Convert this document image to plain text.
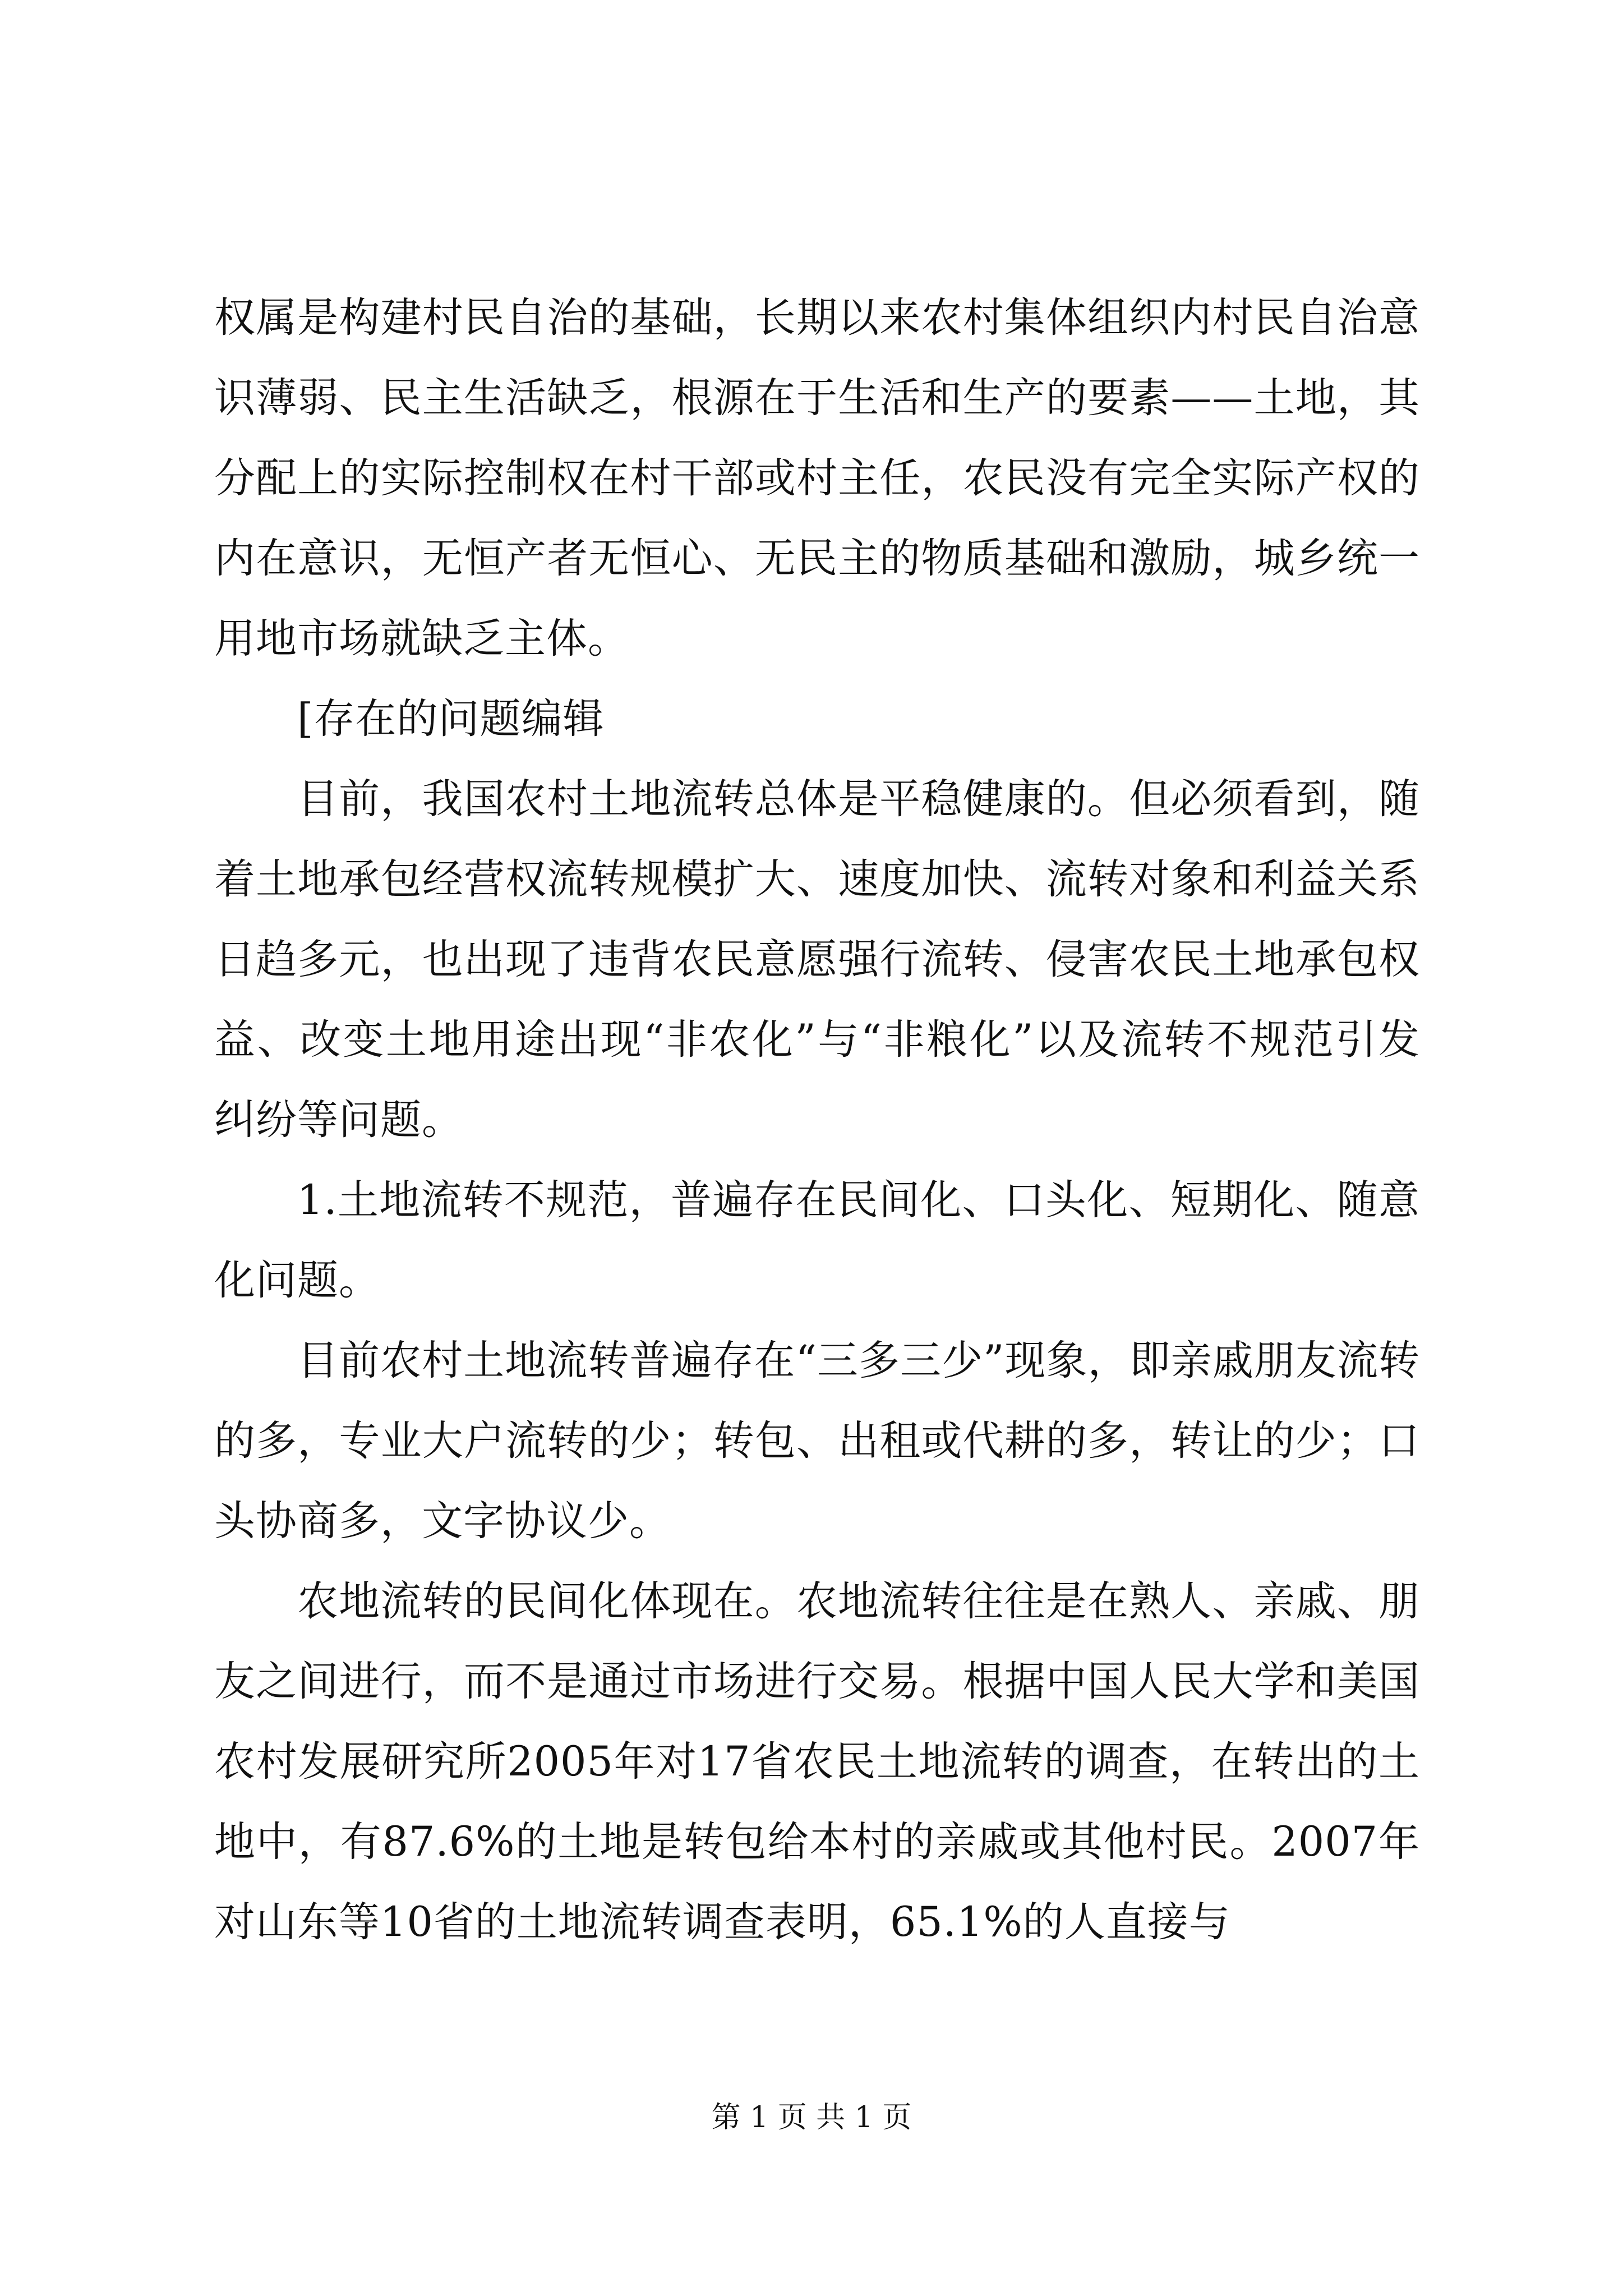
权属是构建村民自治的基础，长期以来农村集体组织内村民自治意识薄弱、民主生活缺乏，根源在于生活和生产的要素——土地，其分配上的实际控制权在村干部或村主任，农民没有完全实际产权的内在意识，无恒产者无恒心、无民主的物质基础和激励，城乡统一用地市场就缺乏主体。

[存在的问题编辑

目前，我国农村土地流转总体是平稳健康的。但必须看到，随着土地承包经营权流转规模扩大、速度加快、流转对象和利益关系日趋多元，也出现了违背农民意愿强行流转、侵害农民土地承包权益、改变土地用途出现“非农化”与“非粮化”以及流转不规范引发纠纷等问题。

1.土地流转不规范，普遍存在民间化、口头化、短期化、随意化问题。

目前农村土地流转普遍存在“三多三少”现象，即亲戚朋友流转的多，专业大户流转的少；转包、出租或代耕的多，转让的少；口头协商多，文字协议少。

农地流转的民间化体现在。农地流转往往是在熟人、亲戚、朋友之间进行，而不是通过市场进行交易。根据中国人民大学和美国农村发展研究所2005年对17省农民土地流转的调查，在转出的土地中，有87.6%的土地是转包给本村的亲戚或其他村民。2007年对山东等10省的土地流转调查表明，65.1%的人直接与

第 1 页 共 1 页
